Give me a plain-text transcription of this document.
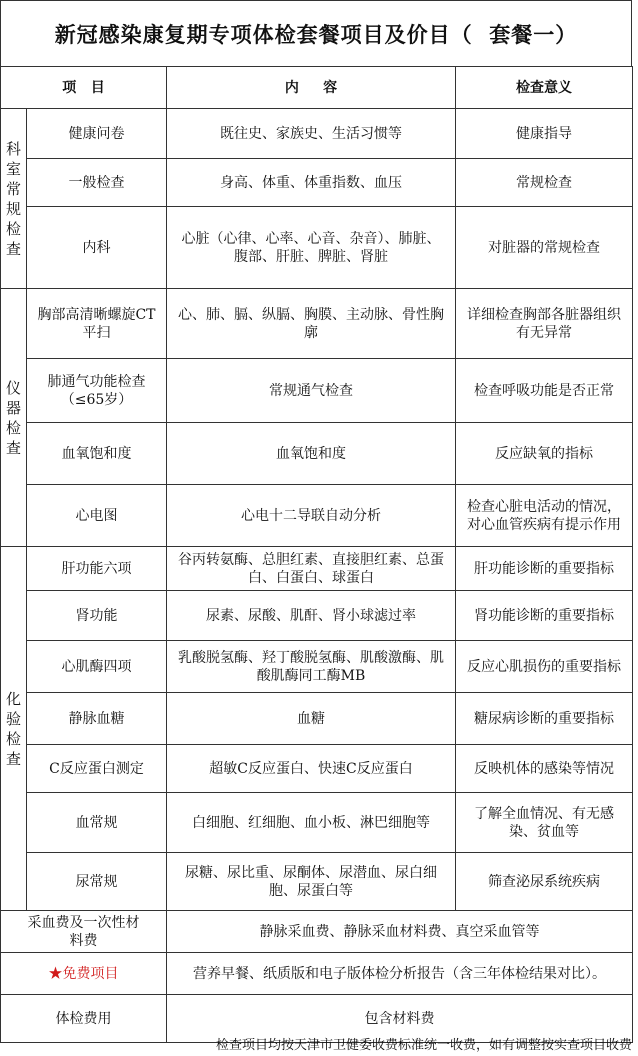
新冠感染康复期专项体检套餐项目及价目（  套餐一）
项   目		内     容	检查意义

科室常规检查	健康问卷	既往史、家族史、生活习惯等	健康指导
	一般检查	身高、体重、体重指数、血压	常规检查
	内科	心脏（心律、心率、心音、杂音）、肺脏、腹部、肝脏、脾脏、肾脏	对脏器的常规检查

仪器检查	胸部高清晰螺旋CT平扫	心、肺、膈、纵膈、胸膜、主动脉、骨性胸廓	详细检查胸部各脏器组织有无异常
	肺通气功能检查（≤65岁）	常规通气检查	检查呼吸功能是否正常
	血氧饱和度	血氧饱和度	反应缺氧的指标
	心电图	心电十二导联自动分析	检查心脏电活动的情况，对心血管疾病有提示作用

化验检查	肝功能六项	谷丙转氨酶、总胆红素、直接胆红素、总蛋白、白蛋白、球蛋白	肝功能诊断的重要指标
	肾功能	尿素、尿酸、肌酐、肾小球滤过率	肾功能诊断的重要指标
	心肌酶四项	乳酸脱氢酶、羟丁酸脱氢酶、肌酸激酶、肌酸肌酶同工酶MB	反应心肌损伤的重要指标
	静脉血糖	血糖	糖尿病诊断的重要指标
	C反应蛋白测定	超敏C反应蛋白、快速C反应蛋白	反映机体的感染等情况
	血常规	白细胞、红细胞、血小板、淋巴细胞等	了解全血情况、有无感染、贫血等
	尿常规	尿糖、尿比重、尿酮体、尿潜血、尿白细胞、尿蛋白等	筛查泌尿系统疾病
采血费及一次性材料费		静脉采血费、静脉采血材料费、真空采血管等	
★免费项目		营养早餐、纸质版和电子版体检分析报告（含三年体检结果对比）。	
体检费用		包含材料费	
检查项目均按天津市卫健委收费标准统一收费，如有调整按实查项目收费
